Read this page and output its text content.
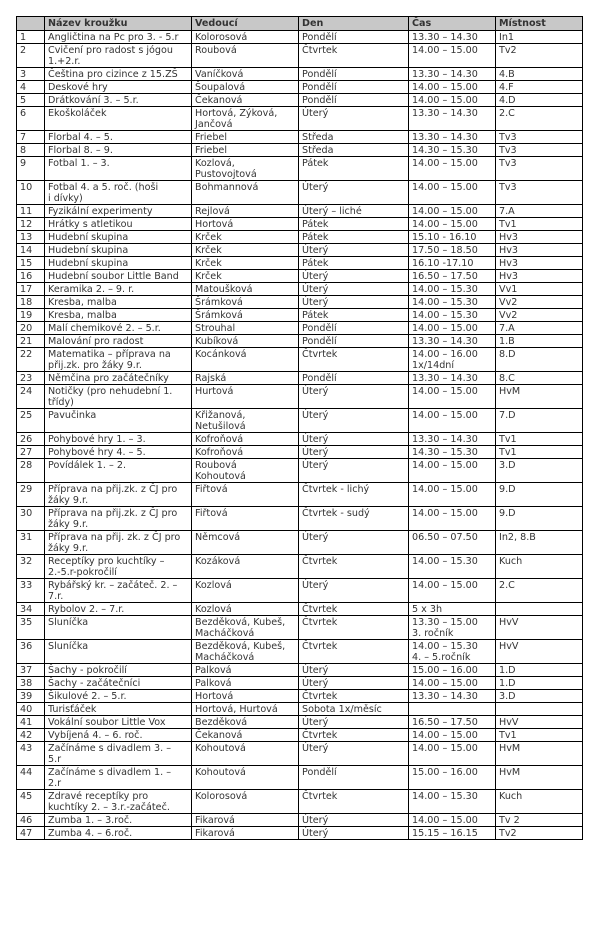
	Název kroužku	Vedoucí	Den	Čas	Místnost
1	Angličtina na Pc pro 3. - 5.r	Kolorosová	Pondělí	13.30 – 14.30	In1
2	Cvičení pro radost s jógou
1.+2.r.	Roubová	Čtvrtek	14.00 – 15.00	Tv2
3	Čeština pro cizince z 15.ZŠ	Vaníčková	Pondělí	13.30 – 14.30	4.B
4	Deskové hry	Šoupalová	Pondělí	14.00 – 15.00	4.F
5	Drátkování 3. – 5.r.	Čekanová	Pondělí	14.00 – 15.00	4.D
6	Ekoškoláček	Hortová, Zýková,
Jančová	Úterý	13.30 – 14.30	2.C
7	Florbal 4. – 5.	Friebel	Středa	13.30 – 14.30	Tv3
8	Florbal 8. – 9.	Friebel	Středa	14.30 – 15.30	Tv3
9	Fotbal 1. – 3.	Kozlová,
Pustovojtová	Pátek	14.00 – 15.00	Tv3
10	Fotbal 4. a 5. roč. (hoši
i dívky)	Bohmannová	Úterý	14.00 – 15.00	Tv3
11	Fyzikální experimenty	Rejlová	Úterý – liché	14.00 – 15.00	7.A
12	Hrátky s atletikou	Hortová	Pátek	14.00 – 15.00	Tv1
13	Hudební skupina	Krček	Pátek	15.10 - 16.10	Hv3
14	Hudební skupina	Krček	Úterý	17.50 – 18.50	Hv3
15	Hudební skupina	Krček	Pátek	16.10 -17.10	Hv3
16	Hudební soubor Little Band	Krček	Úterý	16.50 – 17.50	Hv3
17	Keramika 2. – 9. r.	Matoušková	Úterý	14.00 – 15.30	Vv1
18	Kresba, malba	Šrámková	Úterý	14.00 – 15.30	Vv2
19	Kresba, malba	Šrámková	Pátek	14.00 – 15.30	Vv2
20	Malí chemikové 2. – 5.r.	Strouhal	Pondělí	14.00 – 15.00	7.A
21	Malování pro radost	Kubíková	Pondělí	13.30 – 14.30	1.B
22	Matematika – příprava na
přij.zk. pro žáky 9.r.	Kocánková	Čtvrtek	14.00 – 16.00
1x/14dní	8.D
23	Němčina pro začátečníky	Rajská	Pondělí	13.30 – 14.30	8.C
24	Notičky (pro nehudební 1.
třídy)	Hurtová	Úterý	14.00 – 15.00	HvM
25	Pavučinka	Křižanová,
Netušilová	Úterý	14.00 – 15.00	7.D
26	Pohybové hry 1. – 3.	Kofroňová	Úterý	13.30 – 14.30	Tv1
27	Pohybové hry 4. – 5.	Kofroňová	Úterý	14.30 – 15.30	Tv1
28	Povídálek 1. – 2.	Roubová
Kohoutová	Úterý	14.00 – 15.00	3.D
29	Příprava na přij.zk. z ČJ pro
žáky 9.r.	Fiřtová	Čtvrtek - lichý	14.00 – 15.00	9.D
30	Příprava na přij.zk. z ČJ pro
žáky 9.r.	Fiřtová	Čtvrtek - sudý	14.00 – 15.00	9.D
31	Příprava na přij. zk. z ČJ pro
žáky 9.r.	Němcová	Úterý	06.50 – 07.50	In2, 8.B
32	Receptíky pro kuchtíky –
2.-5.r-pokročilí	Kozáková	Čtvrtek	14.00 – 15.30	Kuch
33	Rybářský kr. – začáteč. 2. –
7.r.	Kozlová	Úterý	14.00 – 15.00	2.C
34	Rybolov 2. – 7.r.	Kozlová	Čtvrtek	5 x 3h	
35	Sluníčka	Bezděková, Kubeš,
Macháčková	Čtvrtek	13.30 – 15.00
3. ročník	HvV
36	Sluníčka	Bezděková, Kubeš,
Macháčková	Čtvrtek	14.00 – 15.30
4. – 5.ročník	HvV
37	Šachy - pokročilí	Palková	Úterý	15.00 – 16.00	1.D
38	Šachy - začátečníci	Palková	Úterý	14.00 – 15.00	1.D
39	Šikulové 2. – 5.r.	Hortová	Čtvrtek	13.30 – 14.30	3.D
40	Turisťáček	Hortová, Hurtová	Sobota 1x/měsíc		
41	Vokální soubor Little Vox	Bezděková	Úterý	16.50 – 17.50	HvV
42	Vybíjená 4. – 6. roč.	Čekanová	Čtvrtek	14.00 – 15.00	Tv1
43	Začínáme s divadlem 3. –
5.r	Kohoutová	Úterý	14.00 – 15.00	HvM
44	Začínáme s divadlem 1. –
2.r	Kohoutová	Pondělí	15.00 – 16.00	HvM
45	Zdravé receptíky pro
kuchtíky 2. – 3.r.-začáteč.	Kolorosová	Čtvrtek	14.00 – 15.30	Kuch
46	Zumba 1. – 3.roč.	Fikarová	Úterý	14.00 – 15.00	Tv 2
47	Zumba 4. – 6.roč.	Fikarová	Úterý	15.15 – 16.15	Tv2
